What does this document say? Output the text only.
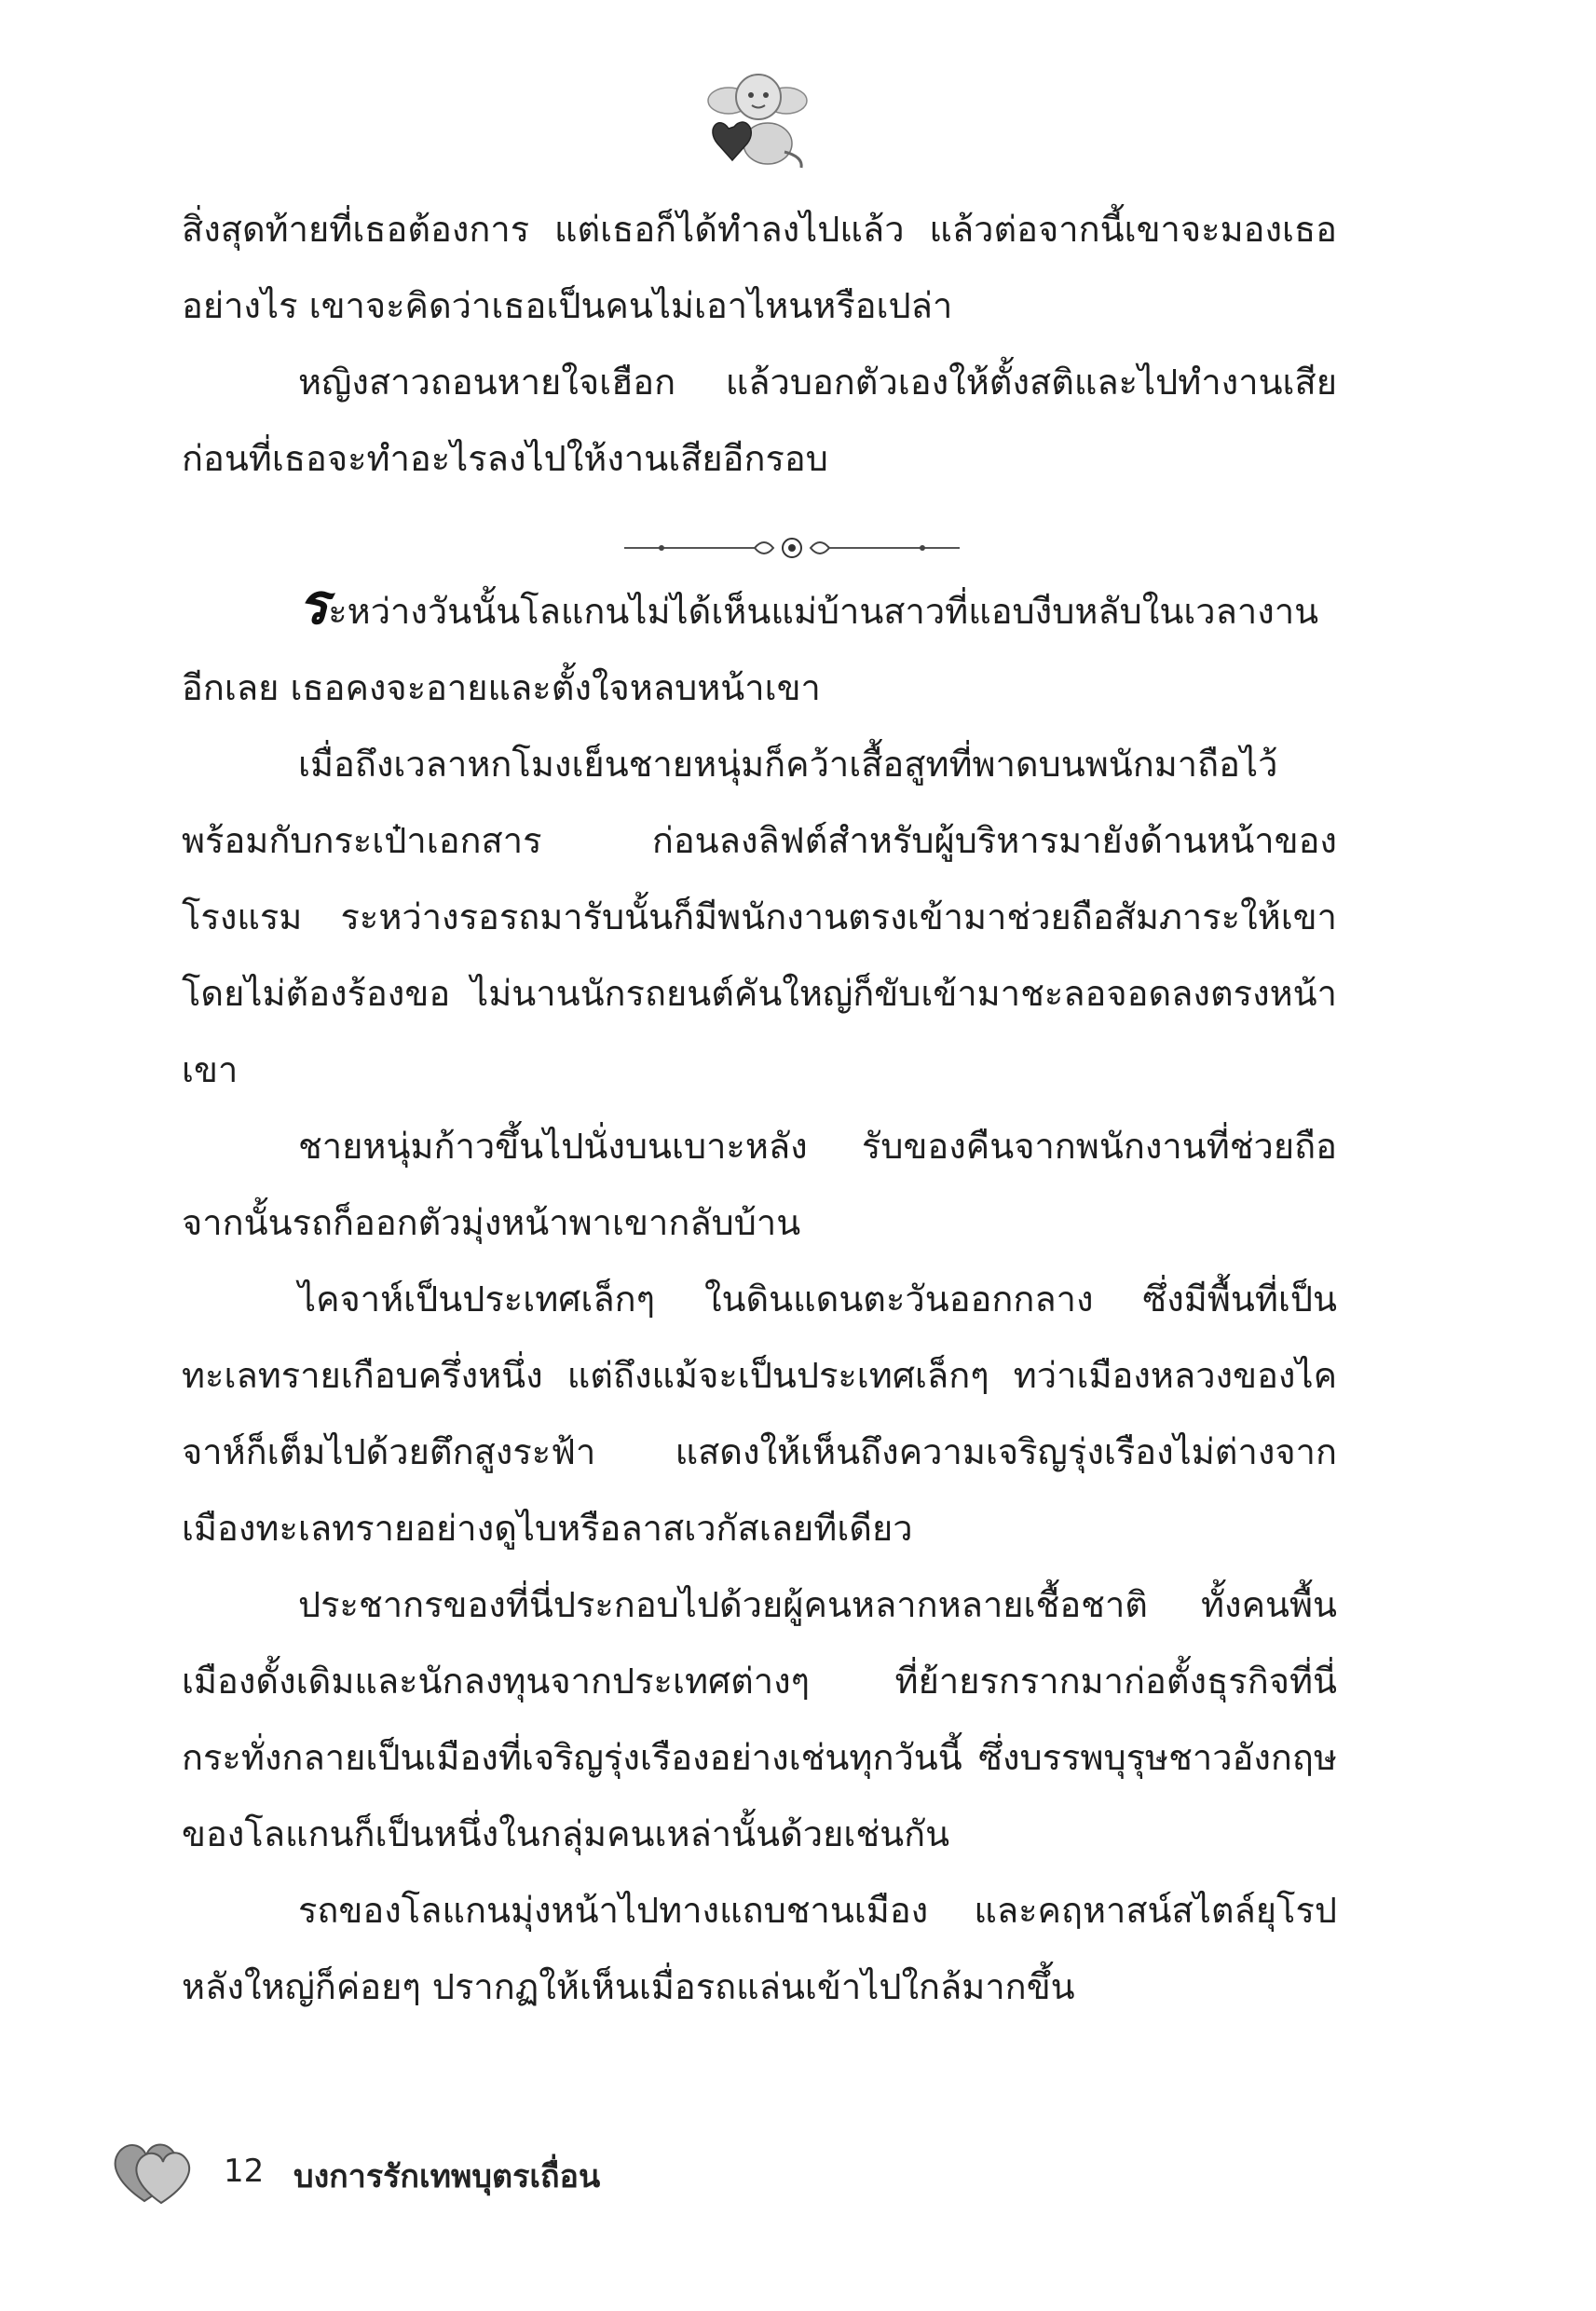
สิ่งสุดท้ายที่เธอต้องการ แต่เธอก็ได้ทำลงไปแล้ว แล้วต่อจากนี้เขาจะมองเธออย่างไร เขาจะคิดว่าเธอเป็นคนไม่เอาไหนหรือเปล่า

หญิงสาวถอนหายใจเฮือก แล้วบอกตัวเองให้ตั้งสติและไปทำงานเสีย ก่อนที่เธอจะทำอะไรลงไปให้งานเสียอีกรอบ

ระหว่างวันนั้นโลแกนไม่ได้เห็นแม่บ้านสาวที่แอบงีบหลับในเวลางานอีกเลย เธอคงจะอายและตั้งใจหลบหน้าเขา

เมื่อถึงเวลาหกโมงเย็นชายหนุ่มก็คว้าเสื้อสูทที่พาดบนพนักมาถือไว้พร้อมกับกระเป๋าเอกสาร ก่อนลงลิฟต์สำหรับผู้บริหารมายังด้านหน้าของโรงแรม ระหว่างรอรถมารับนั้นก็มีพนักงานตรงเข้ามาช่วยถือสัมภาระให้เขาโดยไม่ต้องร้องขอ ไม่นานนักรถยนต์คันใหญ่ก็ขับเข้ามาชะลอจอดลงตรงหน้าเขา

ชายหนุ่มก้าวขึ้นไปนั่งบนเบาะหลัง รับของคืนจากพนักงานที่ช่วยถือ จากนั้นรถก็ออกตัวมุ่งหน้าพาเขากลับบ้าน

ไคจาห์เป็นประเทศเล็กๆ ในดินแดนตะวันออกกลาง ซึ่งมีพื้นที่เป็นทะเลทรายเกือบครึ่งหนึ่ง แต่ถึงแม้จะเป็นประเทศเล็กๆ ทว่าเมืองหลวงของไคจาห์ก็เต็มไปด้วยตึกสูงระฟ้า แสดงให้เห็นถึงความเจริญรุ่งเรืองไม่ต่างจากเมืองทะเลทรายอย่างดูไบหรือลาสเวกัสเลยทีเดียว

ประชากรของที่นี่ประกอบไปด้วยผู้คนหลากหลายเชื้อชาติ ทั้งคนพื้นเมืองดั้งเดิมและนักลงทุนจากประเทศต่างๆ ที่ย้ายรกรากมาก่อตั้งธุรกิจที่นี่ กระทั่งกลายเป็นเมืองที่เจริญรุ่งเรืองอย่างเช่นทุกวันนี้ ซึ่งบรรพบุรุษชาวอังกฤษของโลแกนก็เป็นหนึ่งในกลุ่มคนเหล่านั้นด้วยเช่นกัน

รถของโลแกนมุ่งหน้าไปทางแถบชานเมือง และคฤหาสน์สไตล์ยุโรปหลังใหญ่ก็ค่อยๆ ปรากฏให้เห็นเมื่อรถแล่นเข้าไปใกล้มากขึ้น

12 บงการรักเทพบุตรเถื่อน
